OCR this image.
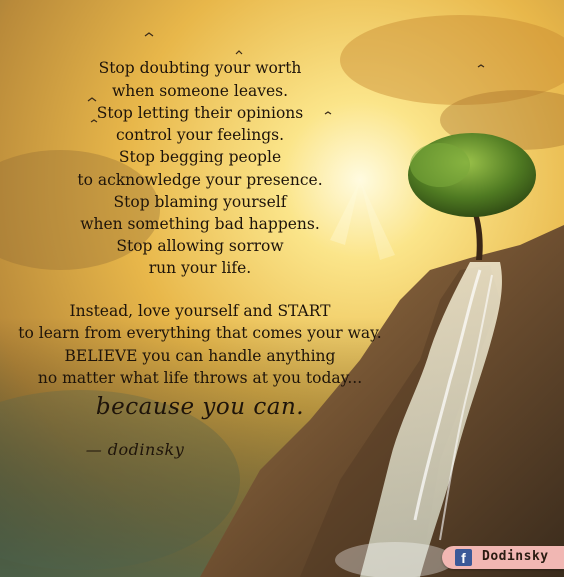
Stop doubting your worth
when someone leaves.
Stop letting their opinions
control your feelings.
Stop begging people
to acknowledge your presence.
Stop blaming yourself
when something bad happens.
Stop allowing sorrow
run your life.
Instead, love yourself and START
to learn from everything that comes your way.
BELIEVE you can handle anything
no matter what life throws at you today...
because you can.
— dodinsky
f	Dodinsky
